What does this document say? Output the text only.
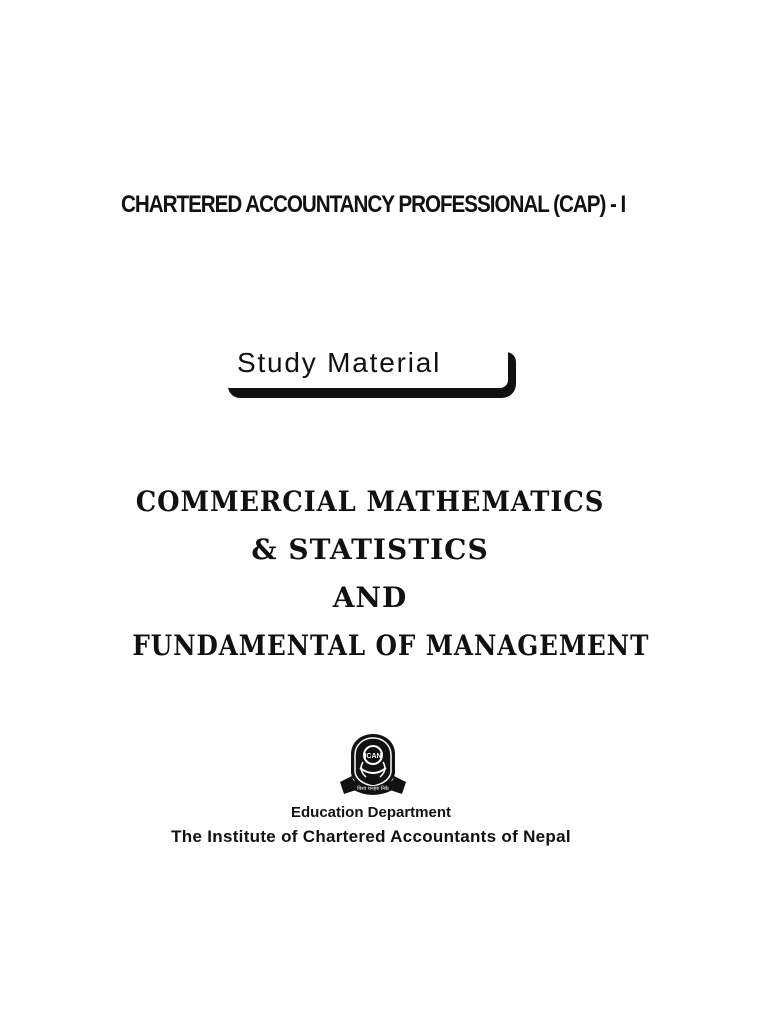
CHARTERED ACCOUNTANCY PROFESSIONAL (CAP) - I
Study Material
COMMERCIAL MATHEMATICS
& STATISTICS
AND
FUNDAMENTAL OF MANAGEMENT
ICAN
विश्व धनहरु निके
Education Department
The Institute of Chartered Accountants of Nepal
